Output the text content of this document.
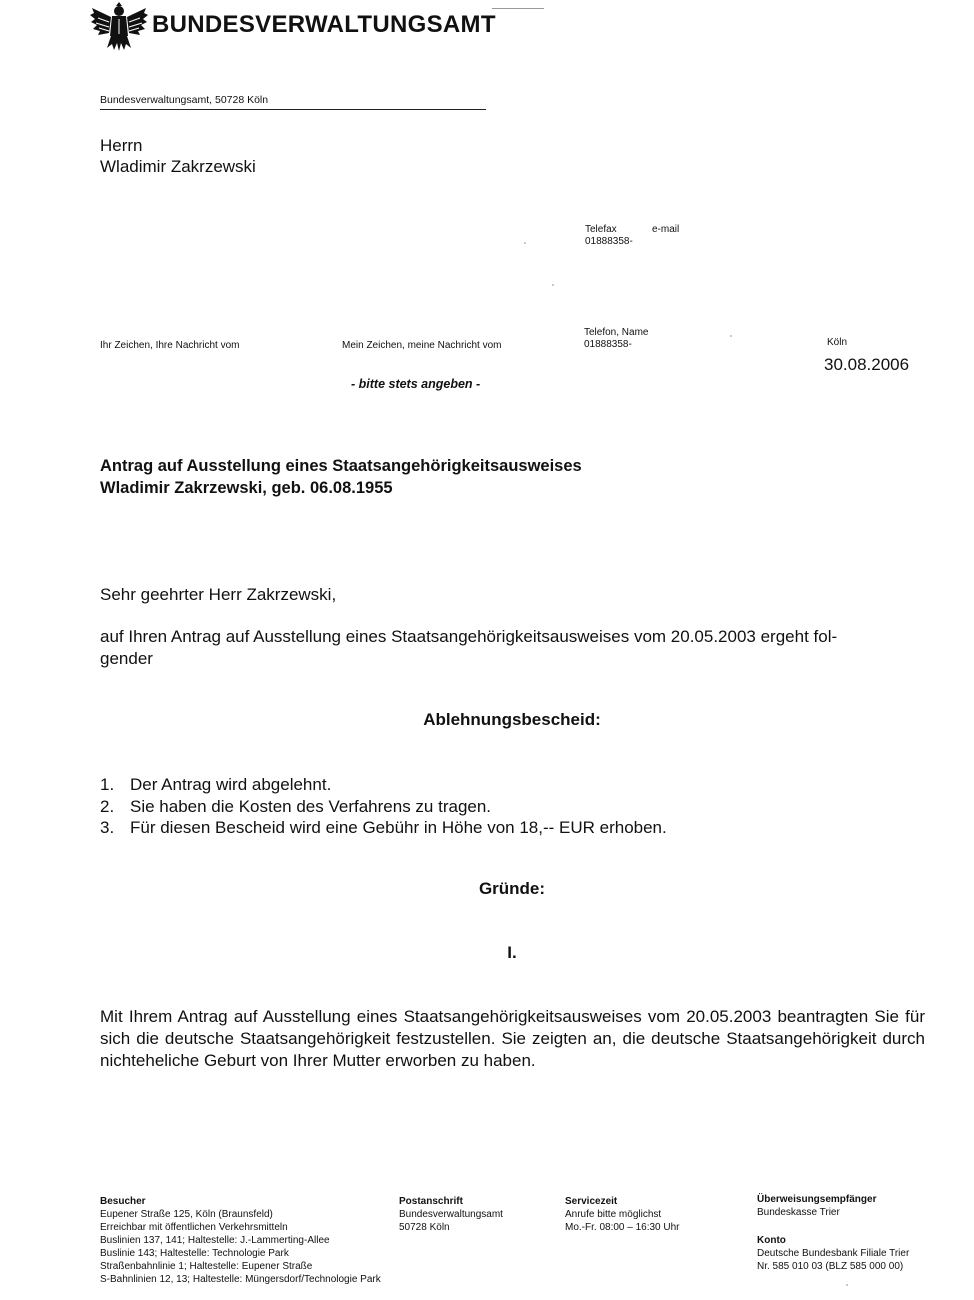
BUNDESVERWALTUNGSAMT
Bundesverwaltungsamt, 50728 Köln
Herrn
Wladimir Zakrzewski
Telefax	e-mail
01888358-
Telefon, Name
01888358-
Ihr Zeichen, Ihre Nachricht vom	Mein Zeichen, meine Nachricht vom	Köln
30.08.2006
- bitte stets angeben -
Antrag auf Ausstellung eines Staatsangehörigkeitsausweises
Wladimir Zakrzewski, geb. 06.08.1955
Sehr geehrter Herr Zakrzewski,
auf Ihren Antrag auf Ausstellung eines Staatsangehörigkeitsausweises vom 20.05.2003 ergeht fol-
gender
Ablehnungsbescheid:
1. Der Antrag wird abgelehnt.
2. Sie haben die Kosten des Verfahrens zu tragen.
3. Für diesen Bescheid wird eine Gebühr in Höhe von 18,-- EUR erhoben.
Gründe:
I.
Mit Ihrem Antrag auf Ausstellung eines Staatsangehörigkeitsausweises vom 20.05.2003 beantragten Sie für sich die deutsche Staatsangehörigkeit festzustellen. Sie zeigten an, die deutsche Staatsangehörigkeit durch nichteheliche Geburt von Ihrer Mutter erworben zu haben.
Besucher
Eupener Straße 125, Köln (Braunsfeld)
Erreichbar mit öffentlichen Verkehrsmitteln
Buslinien 137, 141; Haltestelle: J.-Lammerting-Allee
Buslinie 143; Haltestelle: Technologie Park
Straßenbahnlinie 1; Haltestelle: Eupener Straße
S-Bahnlinien 12, 13; Haltestelle: Müngersdorf/Technologie Park
Postanschrift
Bundesverwaltungsamt
50728 Köln
Servicezeit
Anrufe bitte möglichst
Mo.-Fr. 08:00 – 16:30 Uhr
Überweisungsempfänger
Bundeskasse Trier
Konto
Deutsche Bundesbank Filiale Trier
Nr. 585 010 03 (BLZ 585 000 00)
